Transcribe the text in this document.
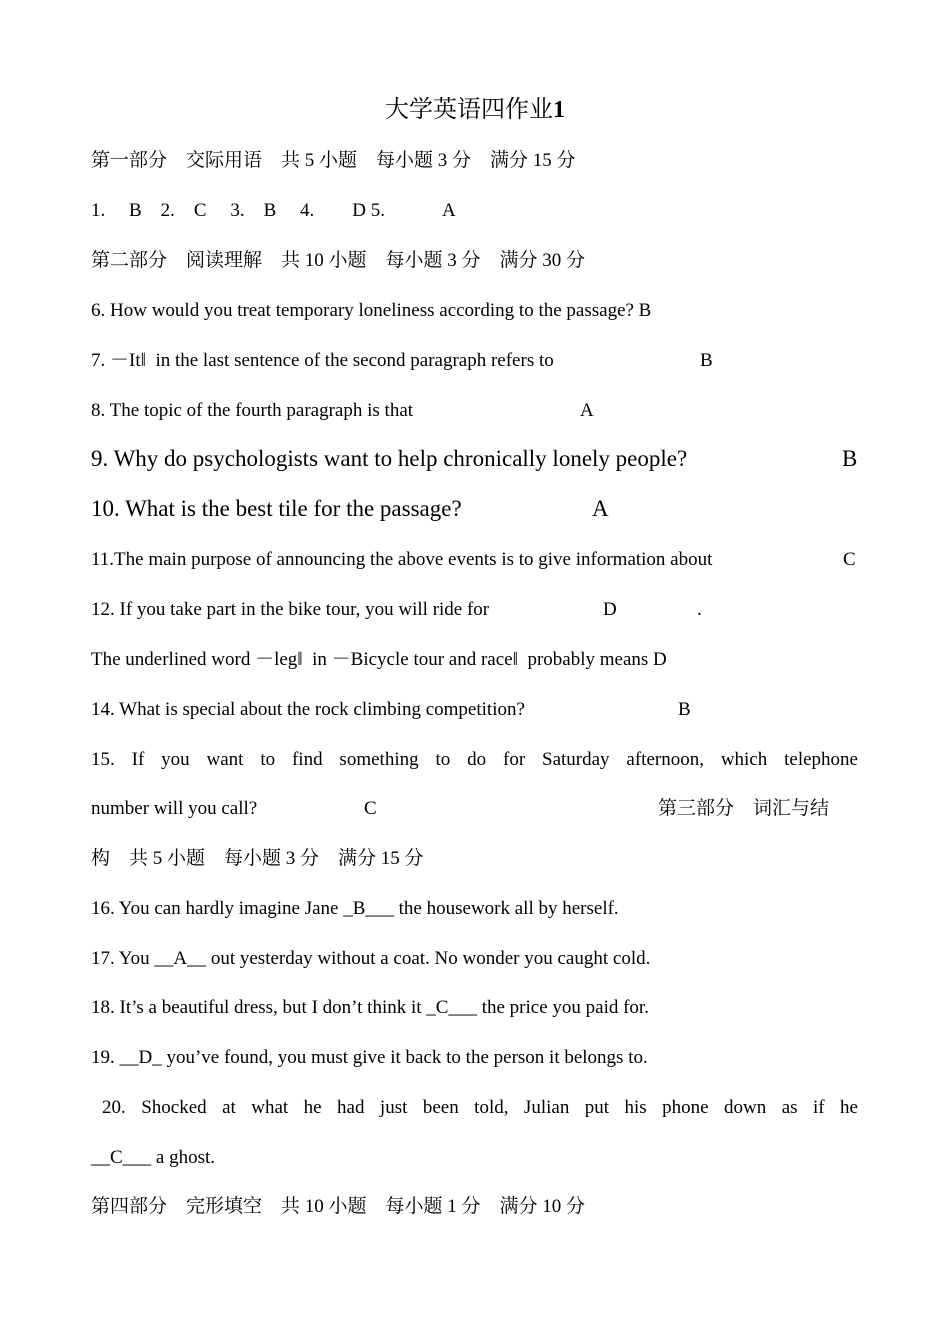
大学英语四作业1
第一部分　交际用语　共 5 小题　每小题 3 分　满分 15 分
1.　 B　2.　C　 3.　B　 4.　　D 5.　　　A
第二部分　阅读理解　共 10 小题　每小题 3 分　满分 30 分
6. How would you treat temporary loneliness according to the passage? B
7. －It‖  in the last sentence of the second paragraph refers to	B
8. The topic of the fourth paragraph is that	A
9. Why do psychologists want to help chronically lonely people?	B
10. What is the best tile for the passage?	A
11.The main purpose of announcing the above events is to give information about	C
12. If you take part in the bike tour, you will ride for	D	.
The underlined word －leg‖  in －Bicycle tour and race‖  probably means D
14. What is special about the rock climbing competition?	B
15. If you want to find something to do for Saturday afternoon, which telephone
number will you call?	C	第三部分　词汇与结
构　共 5 小题　每小题 3 分　满分 15 分
16. You can hardly imagine Jane _B___ the housework all by herself.
17. You __A__ out yesterday without a coat. No wonder you caught cold.
18. It’s a beautiful dress, but I don’t think it _C___ the price you paid for.
19. __D_ you’ve found, you must give it back to the person it belongs to.
20. Shocked at what he had just been told, Julian put his phone down as if he
__C___ a ghost.
第四部分　完形填空　共 10 小题　每小题 1 分　满分 10 分
